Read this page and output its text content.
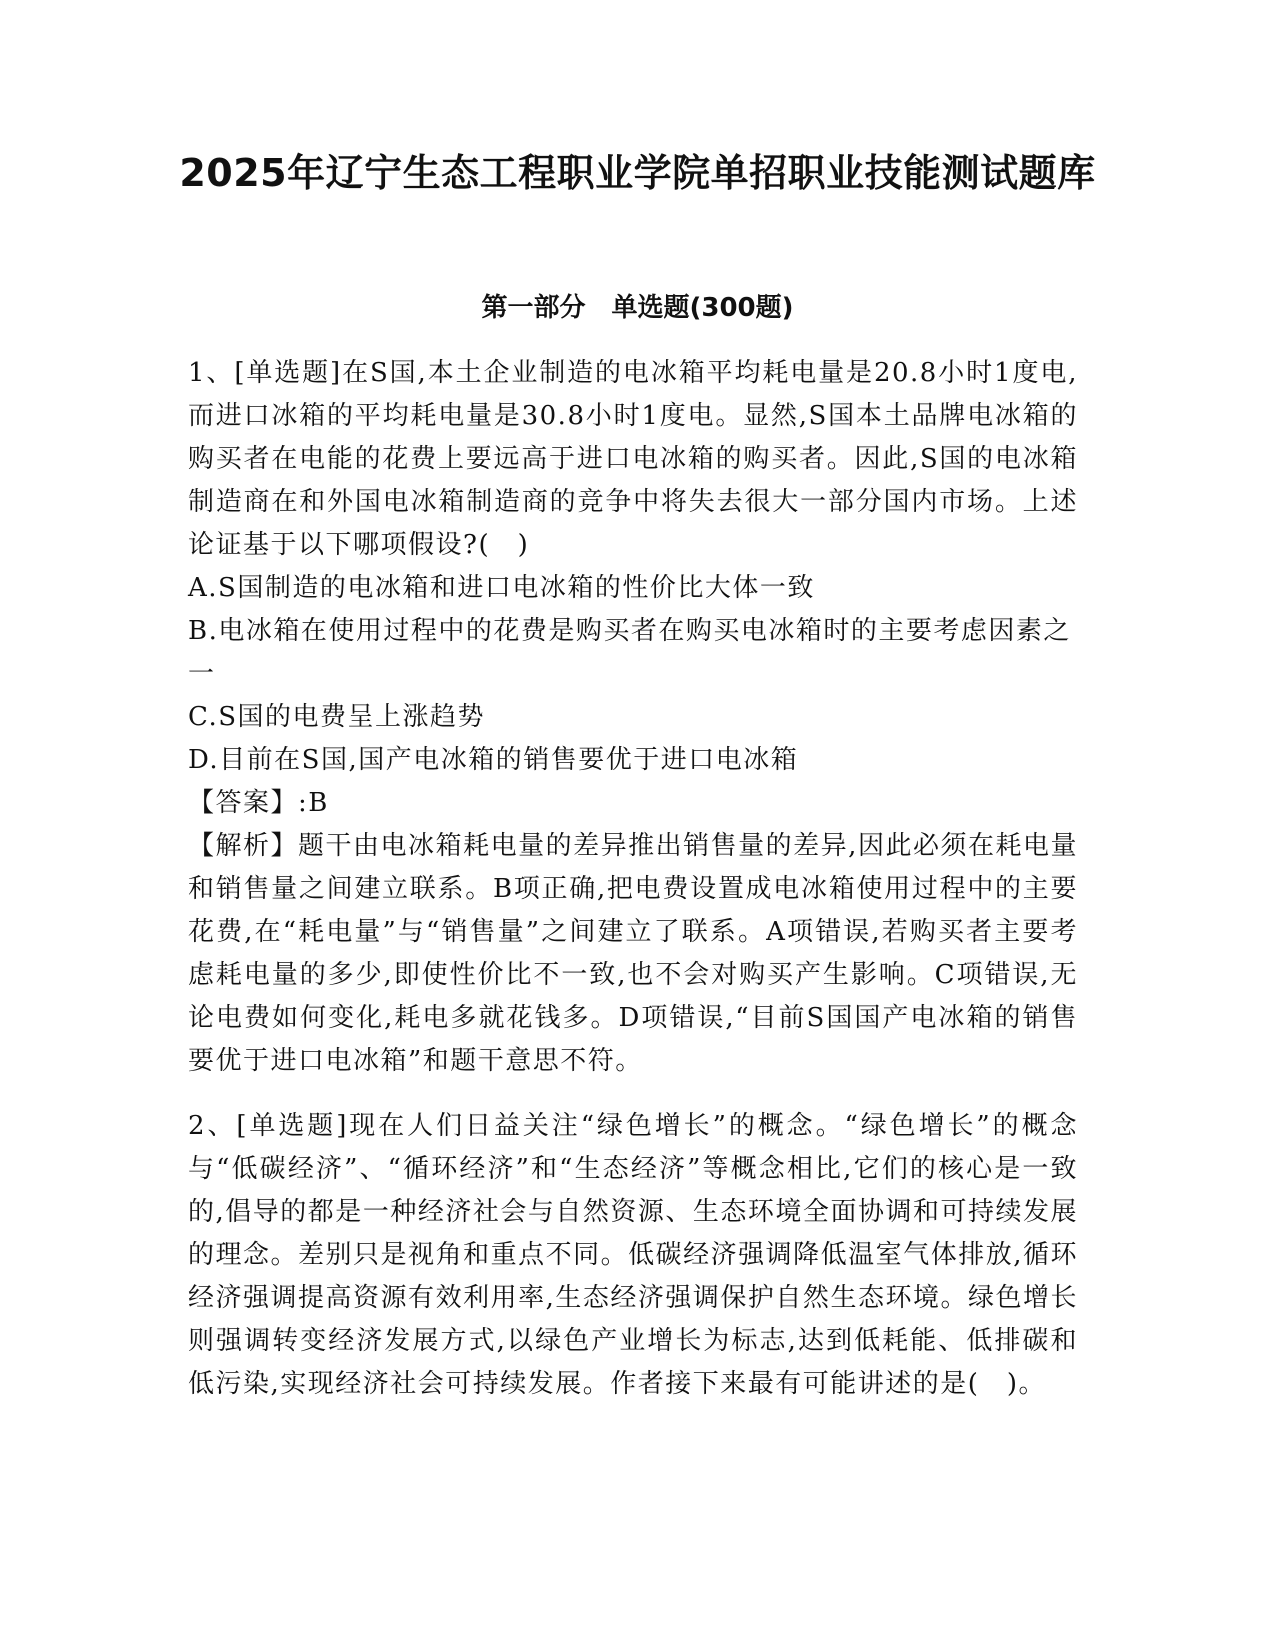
2025年辽宁生态工程职业学院单招职业技能测试题库
第一部分　单选题(300题)

1、[单选题]在S国,本土企业制造的电冰箱平均耗电量是20.8小时1度电,而进口冰箱的平均耗电量是30.8小时1度电。显然,S国本土品牌电冰箱的购买者在电能的花费上要远高于进口电冰箱的购买者。因此,S国的电冰箱制造商在和外国电冰箱制造商的竞争中将失去很大一部分国内市场。上述论证基于以下哪项假设?(　)

A.S国制造的电冰箱和进口电冰箱的性价比大体一致

B.电冰箱在使用过程中的花费是购买者在购买电冰箱时的主要考虑因素之一

C.S国的电费呈上涨趋势

D.目前在S国,国产电冰箱的销售要优于进口电冰箱

【答案】:B

【解析】题干由电冰箱耗电量的差异推出销售量的差异,因此必须在耗电量和销售量之间建立联系。B项正确,把电费设置成电冰箱使用过程中的主要花费,在“耗电量”与“销售量”之间建立了联系。A项错误,若购买者主要考虑耗电量的多少,即使性价比不一致,也不会对购买产生影响。C项错误,无论电费如何变化,耗电多就花钱多。D项错误,“目前S国国产电冰箱的销售要优于进口电冰箱”和题干意思不符。

2、[单选题]现在人们日益关注“绿色增长”的概念。“绿色增长”的概念与“低碳经济”、“循环经济”和“生态经济”等概念相比,它们的核心是一致的,倡导的都是一种经济社会与自然资源、生态环境全面协调和可持续发展的理念。差别只是视角和重点不同。低碳经济强调降低温室气体排放,循环经济强调提高资源有效利用率,生态经济强调保护自然生态环境。绿色增长则强调转变经济发展方式,以绿色产业增长为标志,达到低耗能、低排碳和低污染,实现经济社会可持续发展。作者接下来最有可能讲述的是(　)。
